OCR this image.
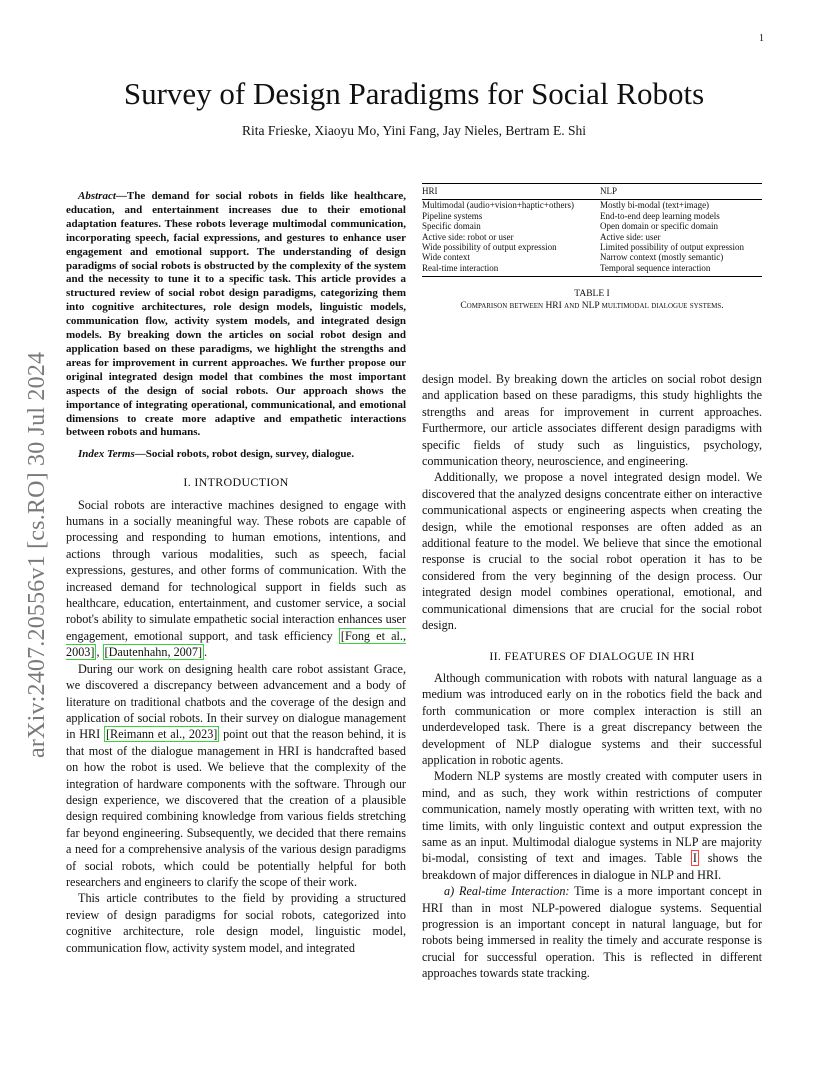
1
arXiv:2407.20556v1 [cs.RO] 30 Jul 2024
Survey of Design Paradigms for Social Robots
Rita Frieske, Xiaoyu Mo, Yini Fang, Jay Nieles, Bertram E. Shi

Abstract—The demand for social robots in fields like healthcare, education, and entertainment increases due to their emotional adaptation features. These robots leverage multimodal communication, incorporating speech, facial expressions, and gestures to enhance user engagement and emotional support. The understanding of design paradigms of social robots is obstructed by the complexity of the system and the necessity to tune it to a specific task. This article provides a structured review of social robot design paradigms, categorizing them into cognitive architectures, role design models, linguistic models, communication flow, activity system models, and integrated design models. By breaking down the articles on social robot design and application based on these paradigms, we highlight the strengths and areas for improvement in current approaches. We further propose our original integrated design model that combines the most important aspects of the design of social robots. Our approach shows the importance of integrating operational, communicational, and emotional dimensions to create more adaptive and empathetic interactions between robots and humans.

Index Terms—Social robots, robot design, survey, dialogue.

I. INTRODUCTION

Social robots are interactive machines designed to engage with humans in a socially meaningful way. These robots are capable of processing and responding to human emotions, intentions, and actions through various modalities, such as speech, facial expressions, gestures, and other forms of communication. With the increased demand for technological support in fields such as healthcare, education, entertainment, and customer service, a social robot's ability to simulate empathetic social interaction enhances user engagement, emotional support, and task efficiency [Fong et al., 2003] , [Dautenhahn, 2007] .

During our work on designing health care robot assistant Grace, we discovered a discrepancy between advancement and a body of literature on traditional chatbots and the coverage of the design and application of social robots. In their survey on dialogue management in HRI [Reimann et al., 2023] point out that the reason behind, it is that most of the dialogue management in HRI is handcrafted based on how the robot is used. We believe that the complexity of the integration of hardware components with the software. Through our design experience, we discovered that the creation of a plausible design required combining knowledge from various fields stretching far beyond engineering. Subsequently, we decided that there remains a need for a comprehensive analysis of the various design paradigms of social robots, which could be potentially helpful for both researchers and engineers to clarify the scope of their work.

This article contributes to the field by providing a structured review of design paradigms for social robots, categorized into cognitive architecture, role design model, linguistic model, communication flow, activity system model, and integrated

HRI	NLP
Multimodal (audio+vision+haptic+others)	Mostly bi-modal (text+image)
Pipeline systems	End-to-end deep learning models
Specific domain	Open domain or specific domain
Active side: robot or user	Active side: user
Wide possibility of output expression	Limited possibility of output expression
Wide context	Narrow context (mostly semantic)
Real-time interaction	Temporal sequence interaction
TABLE I
Comparison between HRI and NLP multimodal dialogue systems.

design model. By breaking down the articles on social robot design and application based on these paradigms, this study highlights the strengths and areas for improvement in current approaches. Furthermore, our article associates different design paradigms with specific fields of study such as linguistics, psychology, communication theory, neuroscience, and engineering.

Additionally, we propose a novel integrated design model. We discovered that the analyzed designs concentrate either on interactive communicational aspects or engineering aspects when creating the design, while the emotional responses are often added as an additional feature to the model. We believe that since the emotional response is crucial to the social robot operation it has to be considered from the very beginning of the design process. Our integrated design model combines operational, emotional, and communicational dimensions that are crucial for the social robot design.

II. FEATURES OF DIALOGUE IN HRI

Although communication with robots with natural language as a medium was introduced early on in the robotics field the back and forth communication or more complex interaction is still an underdeveloped task. There is a great discrepancy between the development of NLP dialogue systems and their successful application in robotic agents.

Modern NLP systems are mostly created with computer users in mind, and as such, they work within restrictions of computer communication, namely mostly operating with written text, with no time limits, with only linguistic context and output expression the same as an input. Multimodal dialogue systems in NLP are majority bi-modal, consisting of text and images. Table I shows the breakdown of major differences in dialogue in NLP and HRI.

a) Real-time Interaction: Time is a more important concept in HRI than in most NLP-powered dialogue systems. Sequential progression is an important concept in natural language, but for robots being immersed in reality the timely and accurate response is crucial for successful operation. This is reflected in different approaches towards state tracking.
